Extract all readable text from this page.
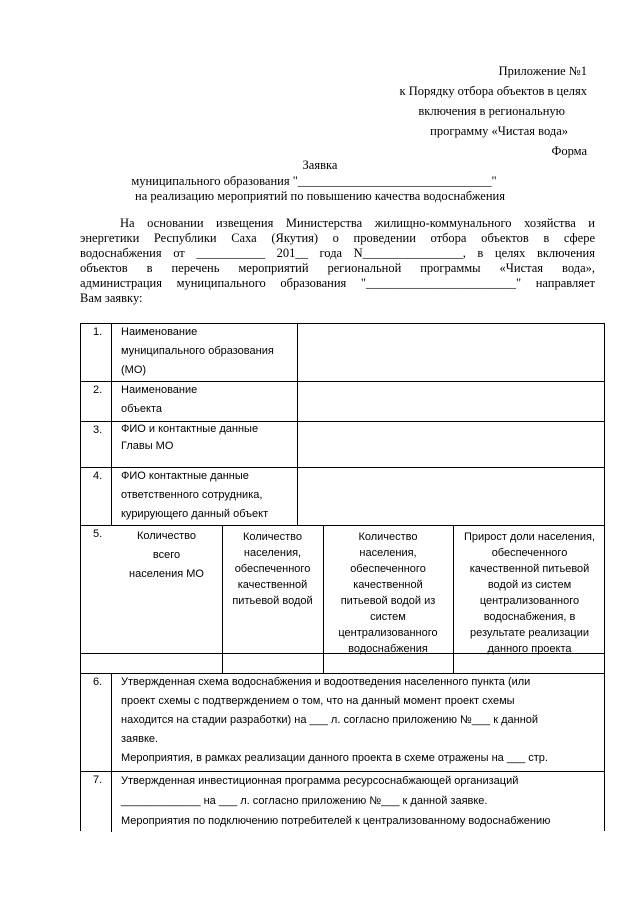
Приложение №1
к Порядку отбора объектов в целях
включения в региональную
программу «Чистая вода»
Форма
Заявка
муниципального образования "_______________________________"
на реализацию мероприятий по повышению качества водоснабжения
На основании извещения Министерства жилищно-коммунального хозяйства и
энергетики Республики Саха (Якутия) о проведении отбора объектов в сфере
водоснабжения от ___________ 201__ года N________________, в целях включения
объектов в перечень мероприятий региональной программы «Чистая вода»,
администрация муниципального образования "________________________" направляет
Вам заявку:
1. Наименование
муниципального образования
(МО)
2. Наименование
объекта
3. ФИО и контактные данные
Главы МО
4. ФИО контактные данные
ответственного сотрудника,
курирующего данный объект
5.	Количество
всего
населения МО
Количество
населения,
обеспеченного
качественной
питьевой водой
Количество
населения,
обеспеченного
качественной
питьевой водой из
систем
централизованного
водоснабжения
Прирост доли населения,
обеспеченного
качественной питьевой
водой из систем
централизованного
водоснабжения, в
результате реализации
данного проекта
6. Утвержденная схема водоснабжения и водоотведения населенного пункта (или
проект схемы с подтверждением о том, что на данный момент проект схемы
находится на стадии разработки) на ___ л. согласно приложению №___ к данной
заявке.
Мероприятия, в рамках реализации данного проекта в схеме отражены на ___ стр.
7. Утвержденная инвестиционная программа ресурсоснабжающей организаций
_____________ на ___ л. согласно приложению №___ к данной заявке.
Мероприятия по подключению потребителей к централизованному водоснабжению
